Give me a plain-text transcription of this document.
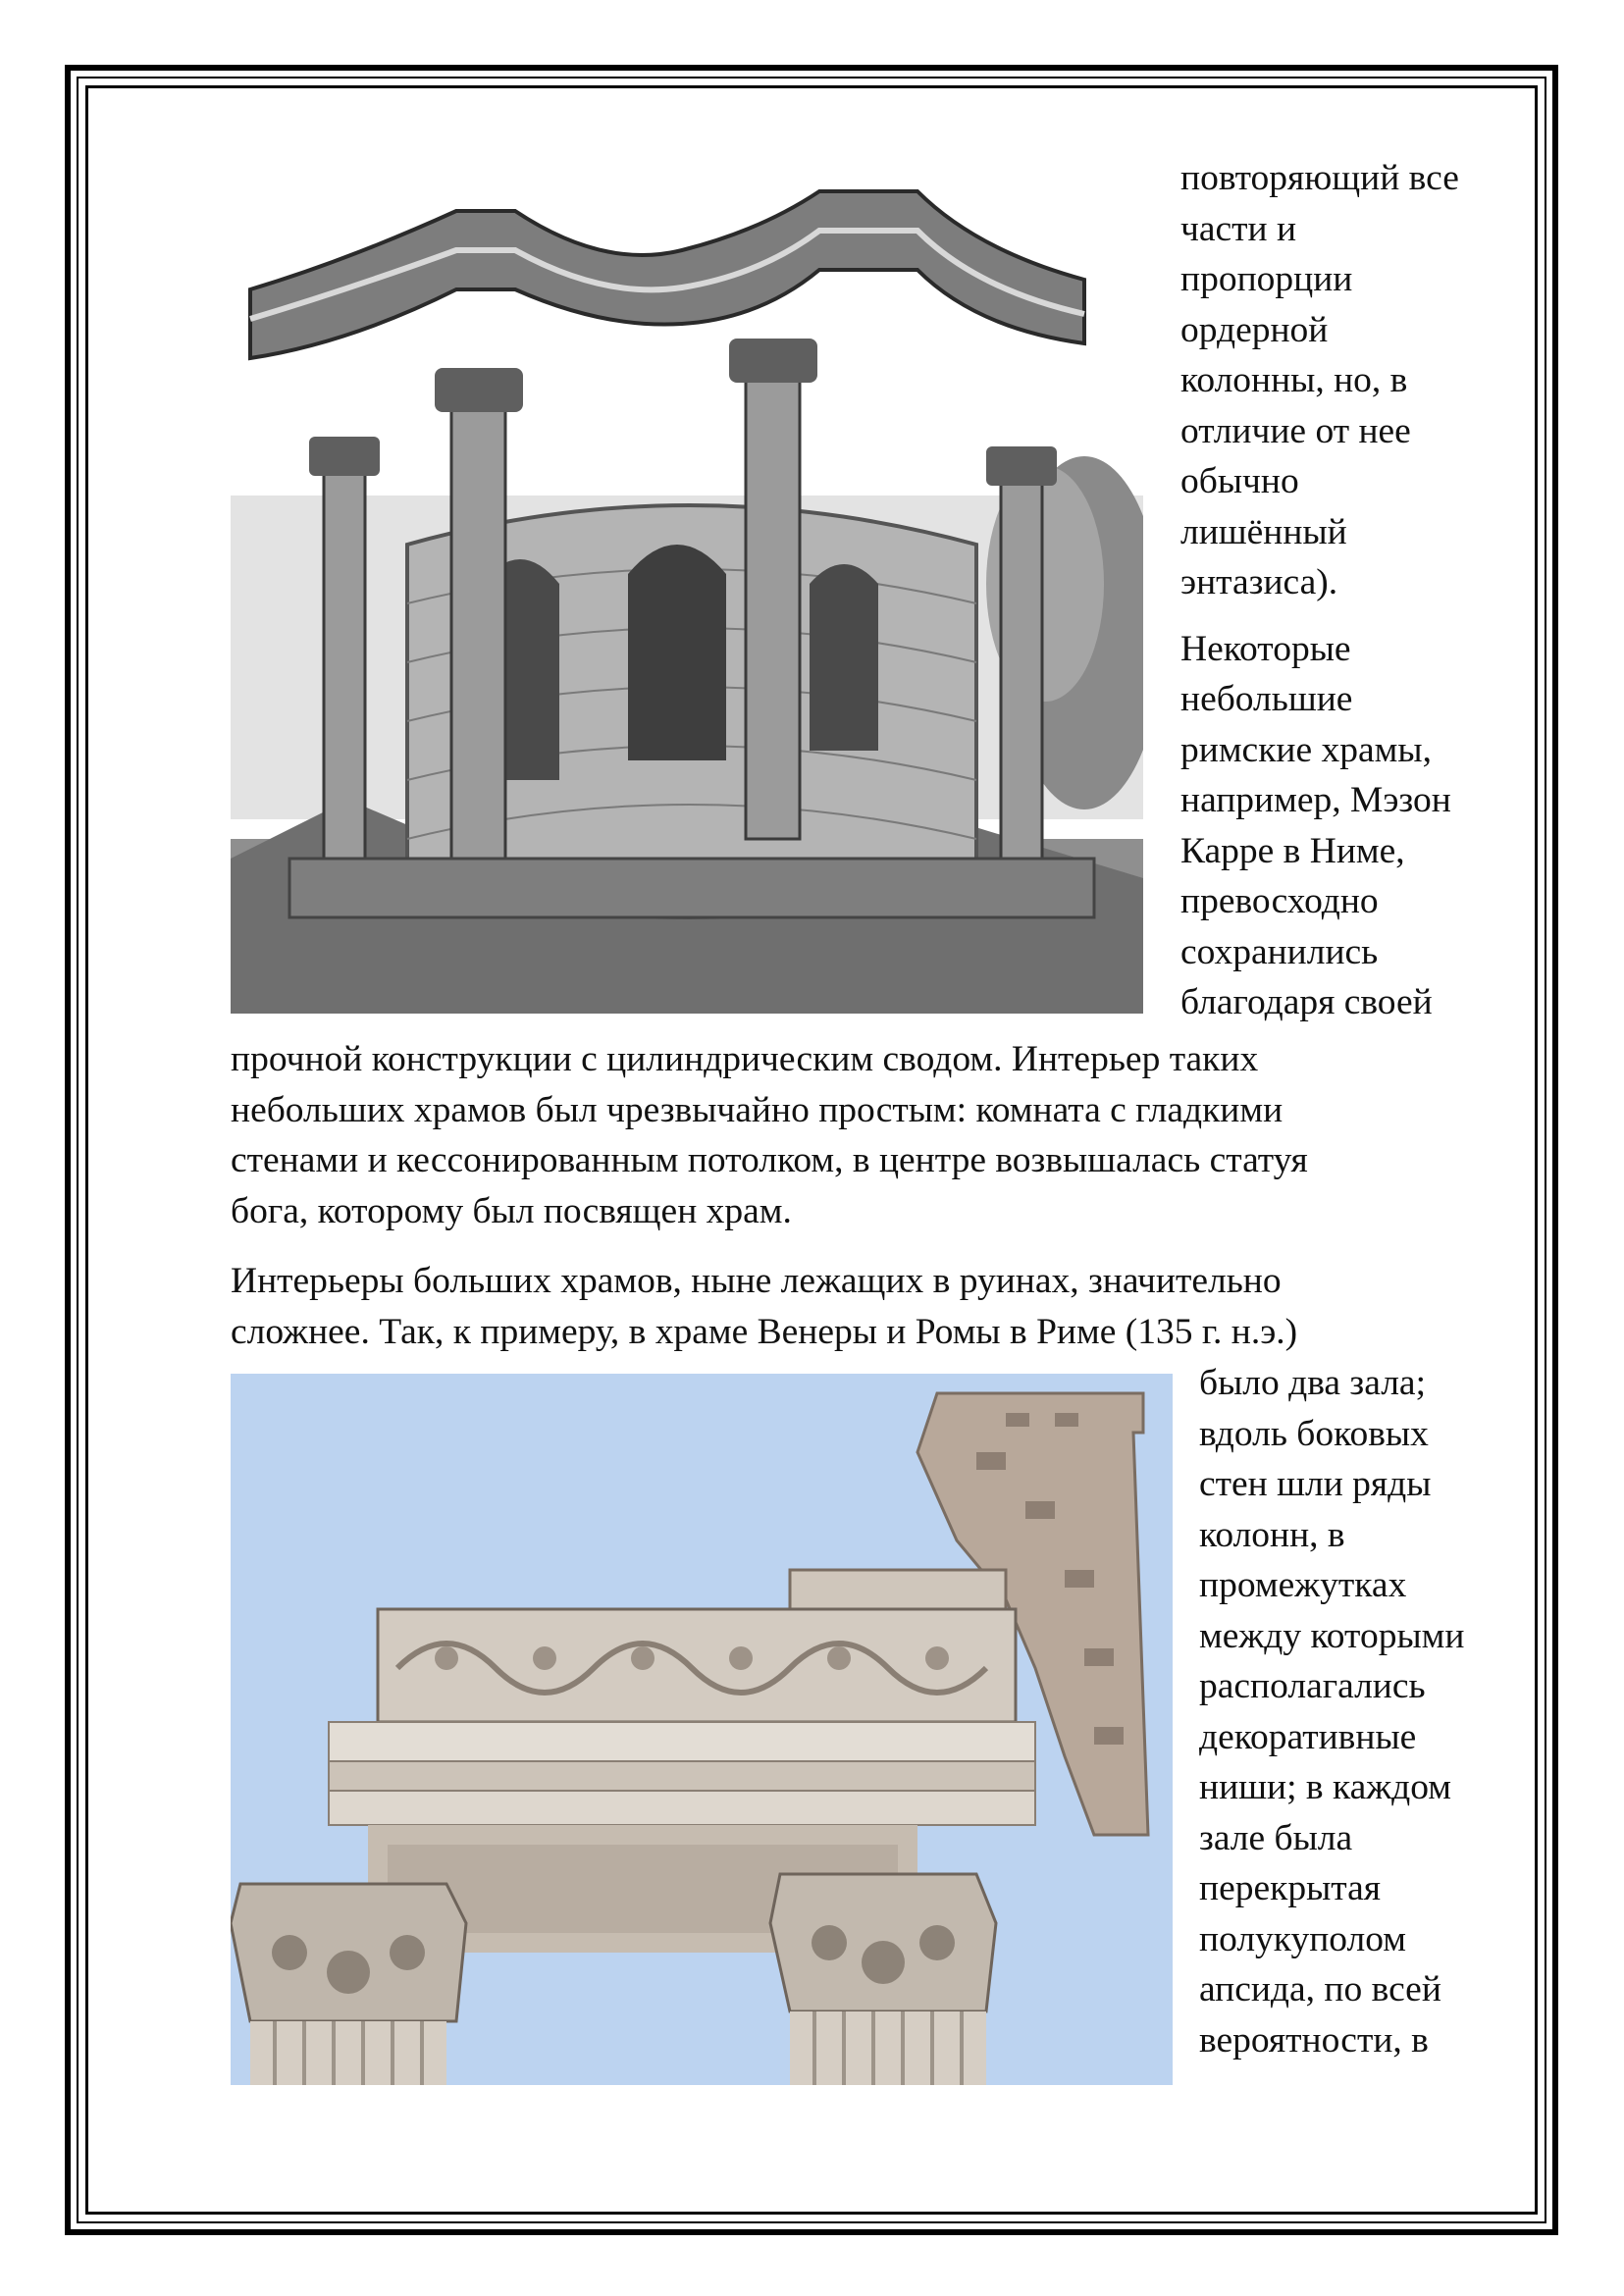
повторяющий все
части и
пропорции
ордерной
колонны, но, в
отличие от нее
обычно
лишённый
энтазиса).
Некоторые
небольшие
римские храмы,
например, Мэзон
Карре в Ниме,
превосходно
сохранились
благодаря своей
прочной конструкции с цилиндрическим сводом. Интерьер таких
небольших храмов был чрезвычайно простым: комната с гладкими
стенами и кессонированным потолком, в центре возвышалась статуя
бога, которому был посвящен храм.
Интерьеры больших храмов, ныне лежащих в руинах, значительно
сложнее. Так, к примеру, в храме Венеры и Ромы в Риме (135 г. н.э.)
было два зала;
вдоль боковых
стен шли ряды
колонн, в
промежутках
между которыми
располагались
декоративные
ниши; в каждом
зале была
перекрытая
полукуполом
апсида, по всей
вероятности, в
